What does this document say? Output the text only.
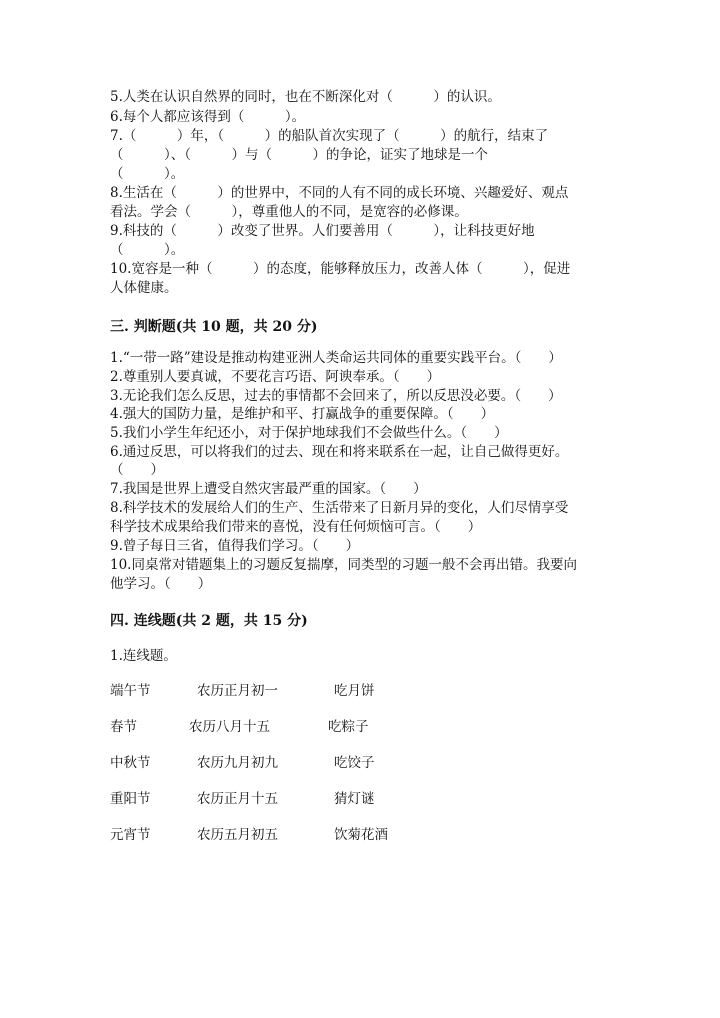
5.人类在认识自然界的同时，也在不断深化对（　　　）的认识。
6.每个人都应该得到（　　　）。
7.（　　　）年，（　　　）的船队首次实现了（　　　）的航行，结束了
（　　　）、（　　　）与（　　　）的争论，证实了地球是一个
（　　　）。
8.生活在（　　　）的世界中，不同的人有不同的成长环境、兴趣爱好、观点
看法。学会（　　　），尊重他人的不同，是宽容的必修课。
9.科技的（　　　）改变了世界。人们要善用（　　　），让科技更好地
（　　　）。
10.宽容是一种（　　　）的态度，能够释放压力，改善人体（　　　），促进
人体健康。
三. 判断题(共 10 题，共 20 分)
1.“一带一路”建设是推动构建亚洲人类命运共同体的重要实践平台。（　　）
2.尊重别人要真诚，不要花言巧语、阿谀奉承。（　　）
3.无论我们怎么反思，过去的事情都不会回来了，所以反思没必要。（　　）
4.强大的国防力量，是维护和平、打赢战争的重要保障。（　　）
5.我们小学生年纪还小，对于保护地球我们不会做些什么。（　　）
6.通过反思，可以将我们的过去、现在和将来联系在一起，让自己做得更好。
（　　）
7.我国是世界上遭受自然灾害最严重的国家。（　　）
8.科学技术的发展给人们的生产、生活带来了日新月异的变化，人们尽情享受
科学技术成果给我们带来的喜悦，没有任何烦恼可言。（　　）
9.曾子每日三省，值得我们学习。（　　）
10.同桌常对错题集上的习题反复揣摩，同类型的习题一般不会再出错。我要向
他学习。（　　）
四. 连线题(共 2 题，共 15 分)
1.连线题。
端午节	农历正月初一	吃月饼
春节	农历八月十五	吃粽子
中秋节	农历九月初九	吃饺子
重阳节	农历正月十五	猜灯谜
元宵节	农历五月初五	饮菊花酒
